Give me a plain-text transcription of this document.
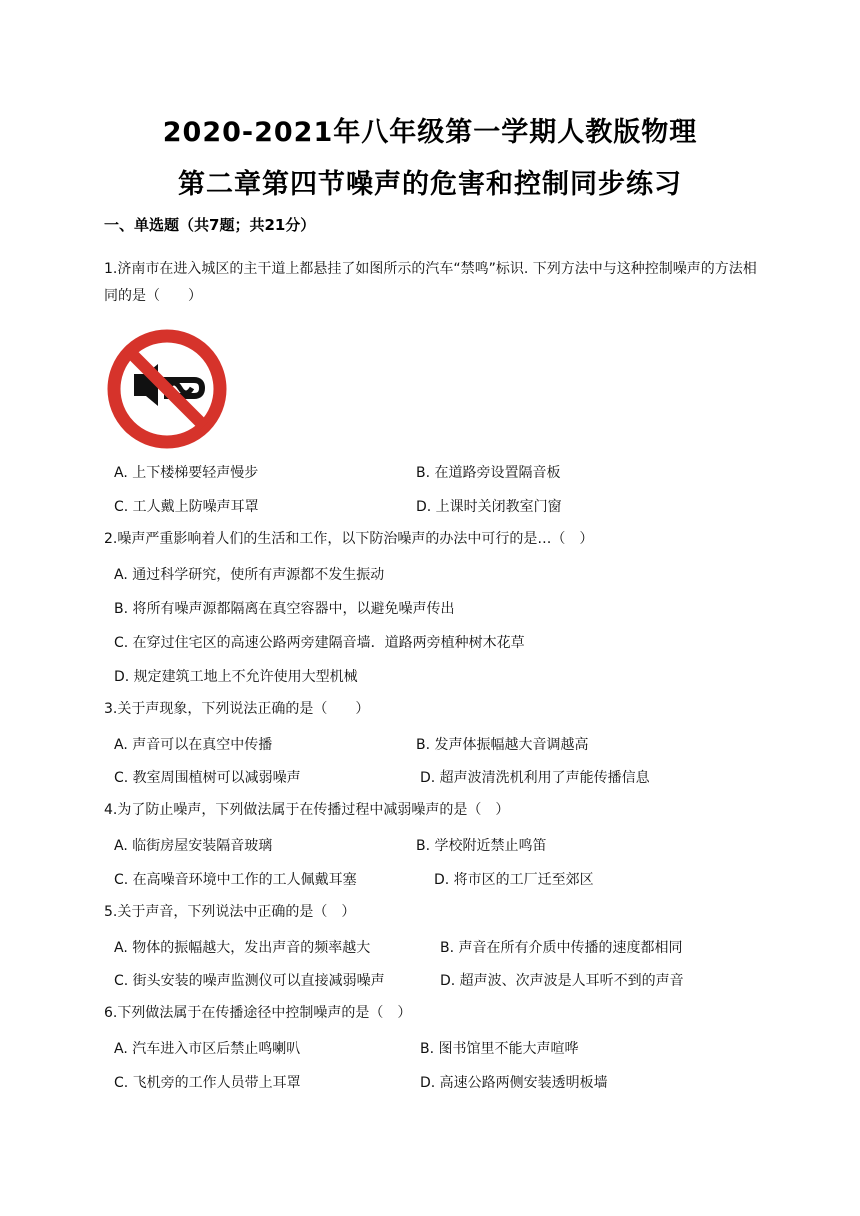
2020-2021年八年级第一学期人教版物理
第二章第四节噪声的危害和控制同步练习
一、单选题（共7题；共21分）
1.济南市在进入城区的主干道上都悬挂了如图所示的汽车“禁鸣”标识. 下列方法中与这种控制噪声的方法相同的是（　　）
A. 上下楼梯要轻声慢步	B. 在道路旁设置隔音板
C. 工人戴上防噪声耳罩	D. 上课时关闭教室门窗
2.噪声严重影响着人们的生活和工作，以下防治噪声的办法中可行的是…（　）
A. 通过科学研究，使所有声源都不发生振动
B. 将所有噪声源都隔离在真空容器中，以避免噪声传出
C. 在穿过住宅区的高速公路两旁建隔音墙．道路两旁植种树木花草
D. 规定建筑工地上不允许使用大型机械
3.关于声现象，下列说法正确的是（　　）
A. 声音可以在真空中传播	B. 发声体振幅越大音调越高
C. 教室周围植树可以减弱噪声	D. 超声波清洗机利用了声能传播信息
4.为了防止噪声，下列做法属于在传播过程中减弱噪声的是（　）
A. 临街房屋安装隔音玻璃	B. 学校附近禁止鸣笛
C. 在高噪音环境中工作的工人佩戴耳塞	D. 将市区的工厂迁至郊区
5.关于声音，下列说法中正确的是（　）
A. 物体的振幅越大，发出声音的频率越大	B. 声音在所有介质中传播的速度都相同
C. 街头安装的噪声监测仪可以直接减弱噪声	D. 超声波、次声波是人耳听不到的声音
6.下列做法属于在传播途径中控制噪声的是（　）
A. 汽车进入市区后禁止鸣喇叭	B. 图书馆里不能大声喧哗
C. 飞机旁的工作人员带上耳罩	D. 高速公路两侧安装透明板墙
